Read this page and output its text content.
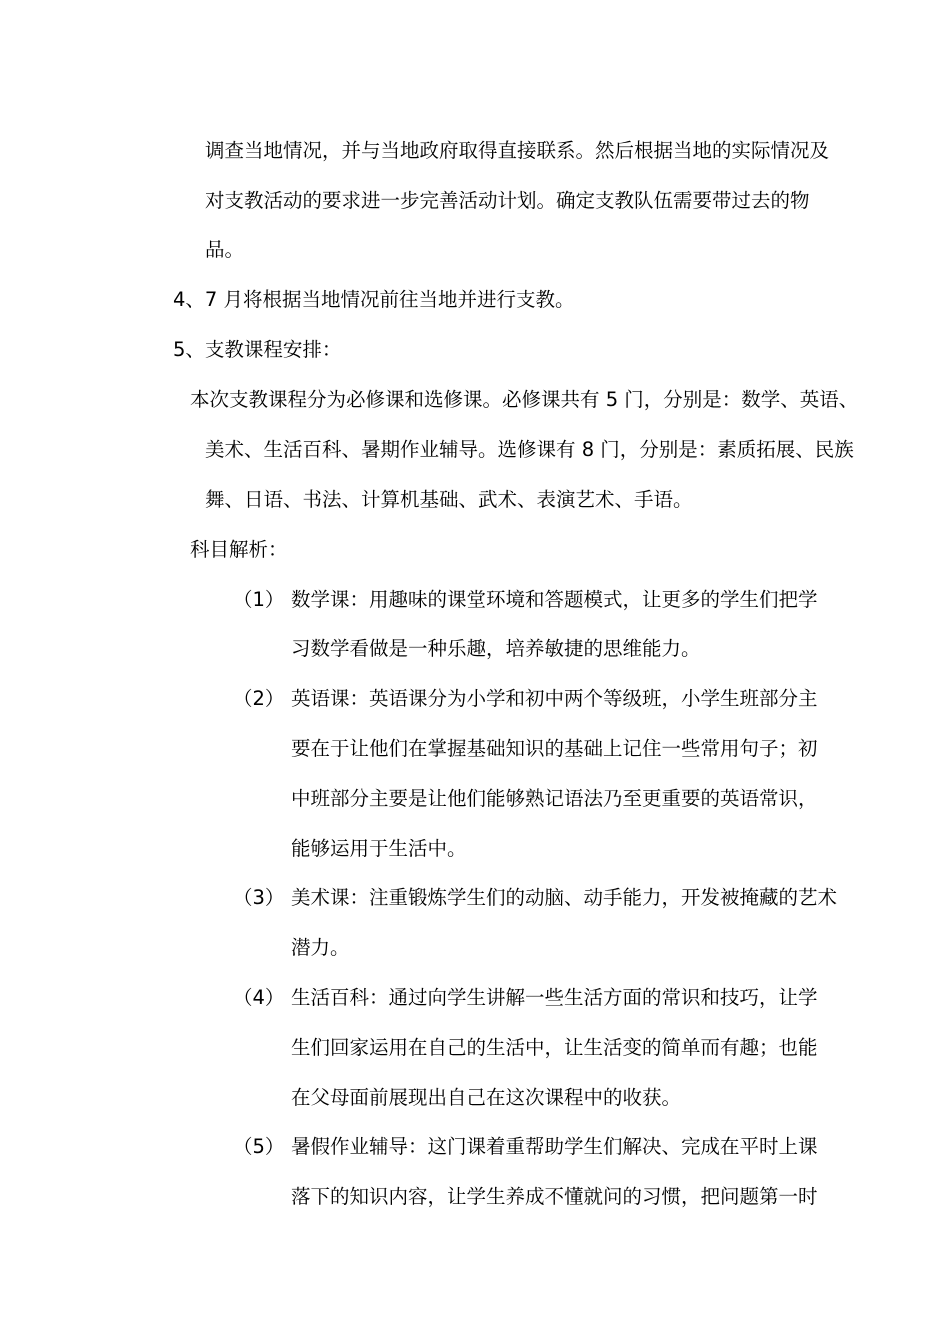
调查当地情况，并与当地政府取得直接联系。然后根据当地的实际情况及

对支教活动的要求进一步完善活动计划。确定支教队伍需要带过去的物

品。

4、7 月将根据当地情况前往当地并进行支教。

5、支教课程安排：

本次支教课程分为必修课和选修课。必修课共有 5 门，分别是：数学、英语、

美术、生活百科、暑期作业辅导。选修课有 8 门，分别是：素质拓展、民族

舞、日语、书法、计算机基础、武术、表演艺术、手语。

科目解析：

（1） 数学课：用趣味的课堂环境和答题模式，让更多的学生们把学

习数学看做是一种乐趣，培养敏捷的思维能力。

（2） 英语课：英语课分为小学和初中两个等级班，小学生班部分主

要在于让他们在掌握基础知识的基础上记住一些常用句子；初

中班部分主要是让他们能够熟记语法乃至更重要的英语常识，

能够运用于生活中。

（3） 美术课：注重锻炼学生们的动脑、动手能力，开发被掩藏的艺术

潜力。

（4） 生活百科：通过向学生讲解一些生活方面的常识和技巧，让学

生们回家运用在自己的生活中，让生活变的简单而有趣；也能

在父母面前展现出自己在这次课程中的收获。

（5） 暑假作业辅导：这门课着重帮助学生们解决、完成在平时上课

落下的知识内容，让学生养成不懂就问的习惯，把问题第一时
